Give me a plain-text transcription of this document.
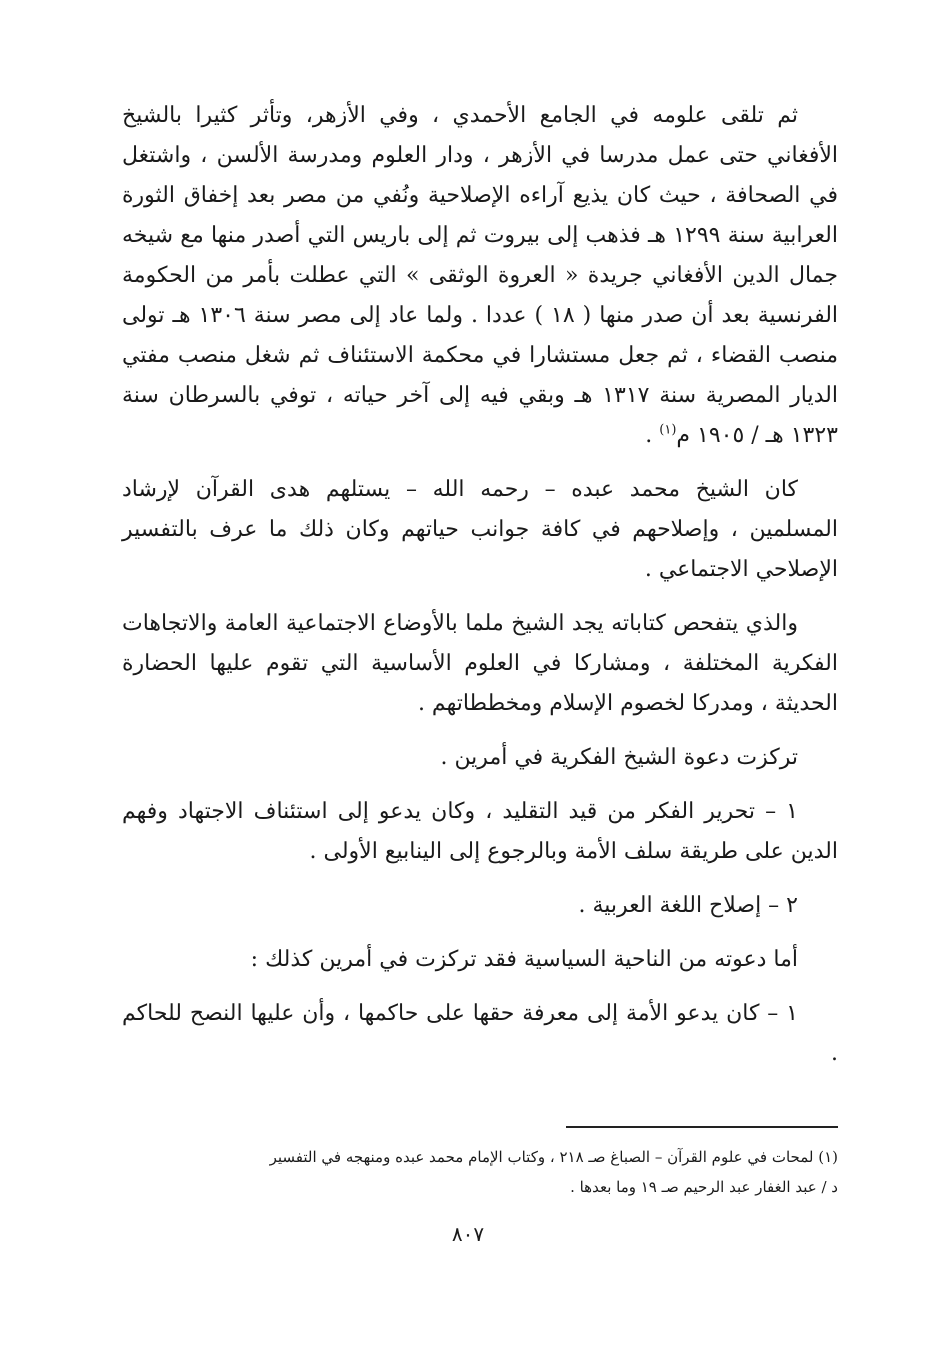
ثم تلقى علومه في الجامع الأحمدي ، وفي الأزهر، وتأثر كثيرا بالشيخ الأفغاني حتى عمل مدرسا في الأزهر ، ودار العلوم ومدرسة الألسن ، واشتغل في الصحافة ، حيث كان يذيع آراءه الإصلاحية ونُفي من مصر بعد إخفاق الثورة العرابية سنة ١٢٩٩ هـ فذهب إلى بيروت ثم إلى باريس التي أصدر منها مع شيخه جمال الدين الأفغاني جريدة « العروة الوثقى » التي عطلت بأمر من الحكومة الفرنسية بعد أن صدر منها ( ١٨ ) عددا . ولما عاد إلى مصر سنة ١٣٠٦ هـ تولى منصب القضاء ، ثم جعل مستشارا في محكمة الاستئناف ثم شغل منصب مفتي الديار المصرية سنة ١٣١٧ هـ وبقي فيه إلى آخر حياته ، توفي بالسرطان سنة ١٣٢٣ هـ / ١٩٠٥ م$^{(١)}$ .

كان الشيخ محمد عبده – رحمه الله – يستلهم هدى القرآن لإرشاد المسلمين ، وإصلاحهم في كافة جوانب حياتهم وكان ذلك ما عرف بالتفسير الإصلاحي الاجتماعي .

والذي يتفحص كتاباته يجد الشيخ ملما بالأوضاع الاجتماعية العامة والاتجاهات الفكرية المختلفة ، ومشاركا في العلوم الأساسية التي تقوم عليها الحضارة الحديثة ، ومدركا لخصوم الإسلام ومخططاتهم .

تركزت دعوة الشيخ الفكرية في أمرين .

١ – تحرير الفكر من قيد التقليد ، وكان يدعو إلى استئناف الاجتهاد وفهم الدين على طريقة سلف الأمة وبالرجوع إلى الينابيع الأولى .

٢ – إصلاح اللغة العربية .

أما دعوته من الناحية السياسية فقد تركزت في أمرين كذلك :

١ – كان يدعو الأمة إلى معرفة حقها على حاكمها ، وأن عليها النصح للحاكم .

(١) لمحات في علوم القرآن – الصباغ صـ ٢١٨ ، وكتاب الإمام محمد عبده ومنهجه في التفسير

د / عبد الغفار عبد الرحيم صـ ١٩ وما بعدها .

٨٠٧
